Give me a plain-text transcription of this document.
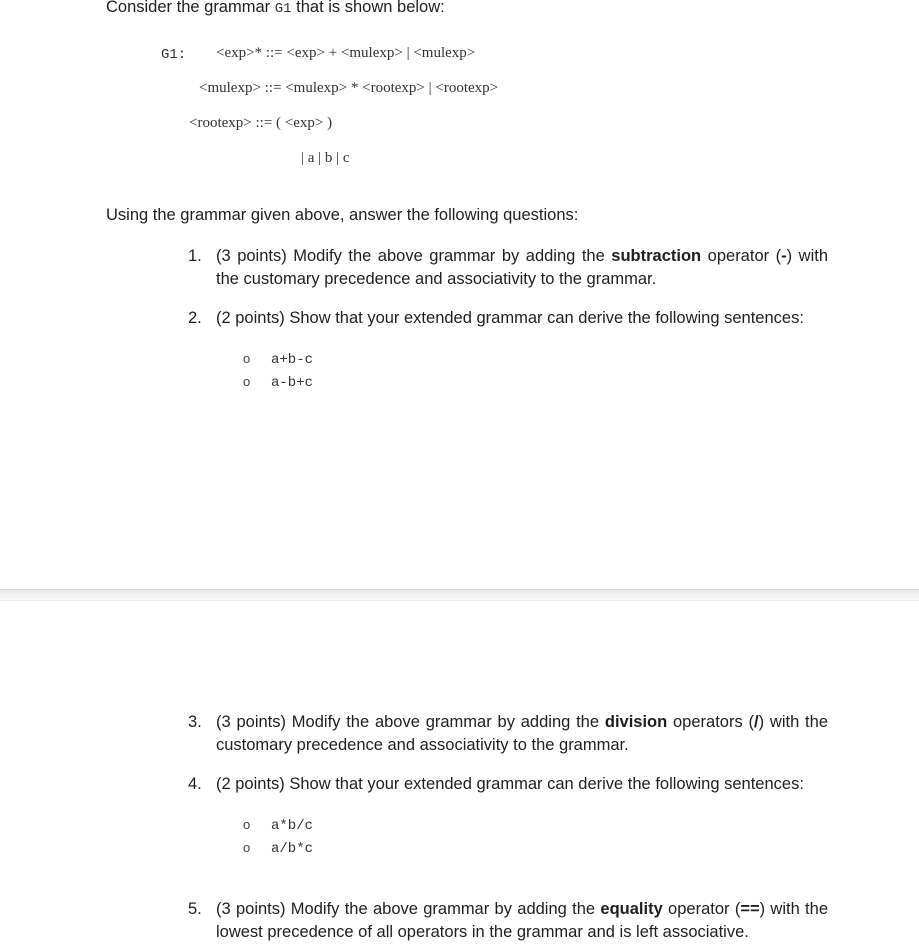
Consider the grammar G1 that is shown below:
G1: <exp>* ::= <exp> + <mulexp> | <mulexp>
<mulexp> ::= <mulexp> * <rootexp> | <rootexp>
<rootexp> ::= ( <exp> )
| a | b | c
Using the grammar given above, answer the following questions:
1. (3 points) Modify the above grammar by adding the subtraction operator (-) with the customary precedence and associativity to the grammar.
2. (2 points) Show that your extended grammar can derive the following sentences:
o a+b-c
o a-b+c
3. (3 points) Modify the above grammar by adding the division operators (/) with the customary precedence and associativity to the grammar.
4. (2 points) Show that your extended grammar can derive the following sentences:
o a*b/c
o a/b*c
5. (3 points) Modify the above grammar by adding the equality operator (==) with the lowest precedence of all operators in the grammar and is left associative.
